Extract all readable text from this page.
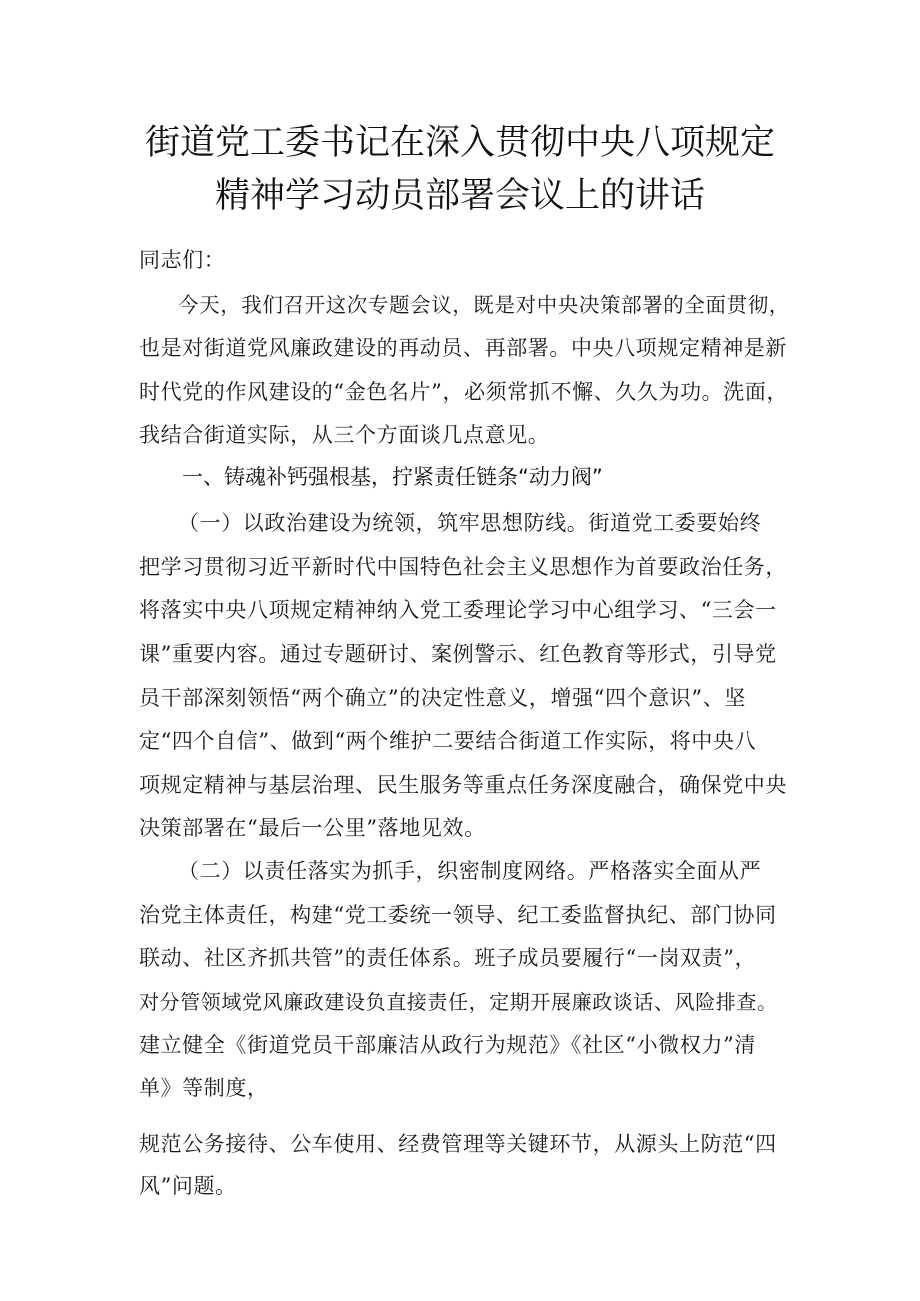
街道党工委书记在深入贯彻中央八项规定
精神学习动员部署会议上的讲话

同志们：

今天，我们召开这次专题会议，既是对中央决策部署的全面贯彻，

也是对街道党风廉政建设的再动员、再部署。中央八项规定精神是新

时代党的作风建设的“金色名片”，必须常抓不懈、久久为功。洗面，

我结合街道实际，从三个方面谈几点意见。

一、铸魂补钙强根基，拧紧责任链条“动力阀”

（一）以政治建设为统领，筑牢思想防线。街道党工委要始终

把学习贯彻习近平新时代中国特色社会主义思想作为首要政治任务，

将落实中央八项规定精神纳入党工委理论学习中心组学习、“三会一

课”重要内容。通过专题研讨、案例警示、红色教育等形式，引导党

员干部深刻领悟“两个确立”的决定性意义，增强“四个意识”、坚

定“四个自信”、做到“两个维护二要结合街道工作实际，将中央八

项规定精神与基层治理、民生服务等重点任务深度融合，确保党中央

决策部署在“最后一公里”落地见效。

（二）以责任落实为抓手，织密制度网络。严格落实全面从严

治党主体责任，构建“党工委统一领导、纪工委监督执纪、部门协同

联动、社区齐抓共管”的责任体系。班子成员要履行“一岗双责”，

对分管领域党风廉政建设负直接责任，定期开展廉政谈话、风险排查。

建立健全《街道党员干部廉洁从政行为规范》《社区“小微权力”清

单》等制度，

规范公务接待、公车使用、经费管理等关键环节，从源头上防范“四

风”问题。
